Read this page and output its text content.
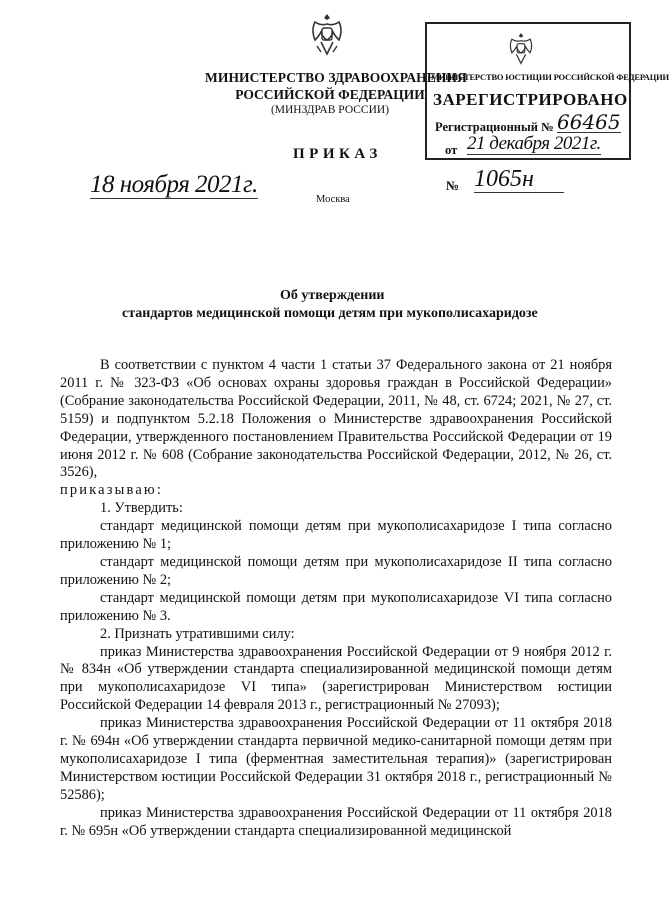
МИНИСТЕРСТВО ЗДРАВООХРАНЕНИЯ
РОССИЙСКОЙ ФЕДЕРАЦИИ
(МИНЗДРАВ РОССИИ)
МИНИСТЕРСТВО ЮСТИЦИИ РОССИЙСКОЙ ФЕДЕРАЦИИ
ЗАРЕГИСТРИРОВАНО
Регистрационный № 66465
от 21 декабря 2021г.
ПРИКАЗ
18 ноября 2021г.	№ 1065н
Москва
Об утверждении
стандартов медицинской помощи детям при мукополисахаридозе

В соответствии с пунктом 4 части 1 статьи 37 Федерального закона от 21 ноября 2011 г. № 323-ФЗ «Об основах охраны здоровья граждан в Российской Федерации» (Собрание законодательства Российской Федерации, 2011, № 48, ст. 6724; 2021, № 27, ст. 5159) и подпунктом 5.2.18 Положения о Министерстве здравоохранения Российской Федерации, утвержденного постановлением Правительства Российской Федерации от 19 июня 2012 г. № 608 (Собрание законодательства Российской Федерации, 2012, № 26, ст. 3526),

приказываю:

1. Утвердить:

стандарт медицинской помощи детям при мукополисахаридозе I типа согласно приложению № 1;

стандарт медицинской помощи детям при мукополисахаридозе II типа согласно приложению № 2;

стандарт медицинской помощи детям при мукополисахаридозе VI типа согласно приложению № 3.

2. Признать утратившими силу:

приказ Министерства здравоохранения Российской Федерации от 9 ноября 2012 г. № 834н «Об утверждении стандарта специализированной медицинской помощи детям при мукополисахаридозе VI типа» (зарегистрирован Министерством юстиции Российской Федерации 14 февраля 2013 г., регистрационный № 27093);

приказ Министерства здравоохранения Российской Федерации от 11 октября 2018 г. № 694н «Об утверждении стандарта первичной медико-санитарной помощи детям при мукополисахаридозе I типа (ферментная заместительная терапия)» (зарегистрирован Министерством юстиции Российской Федерации 31 октября 2018 г., регистрационный № 52586);

приказ Министерства здравоохранения Российской Федерации от 11 октября 2018 г. № 695н «Об утверждении стандарта специализированной медицинской
